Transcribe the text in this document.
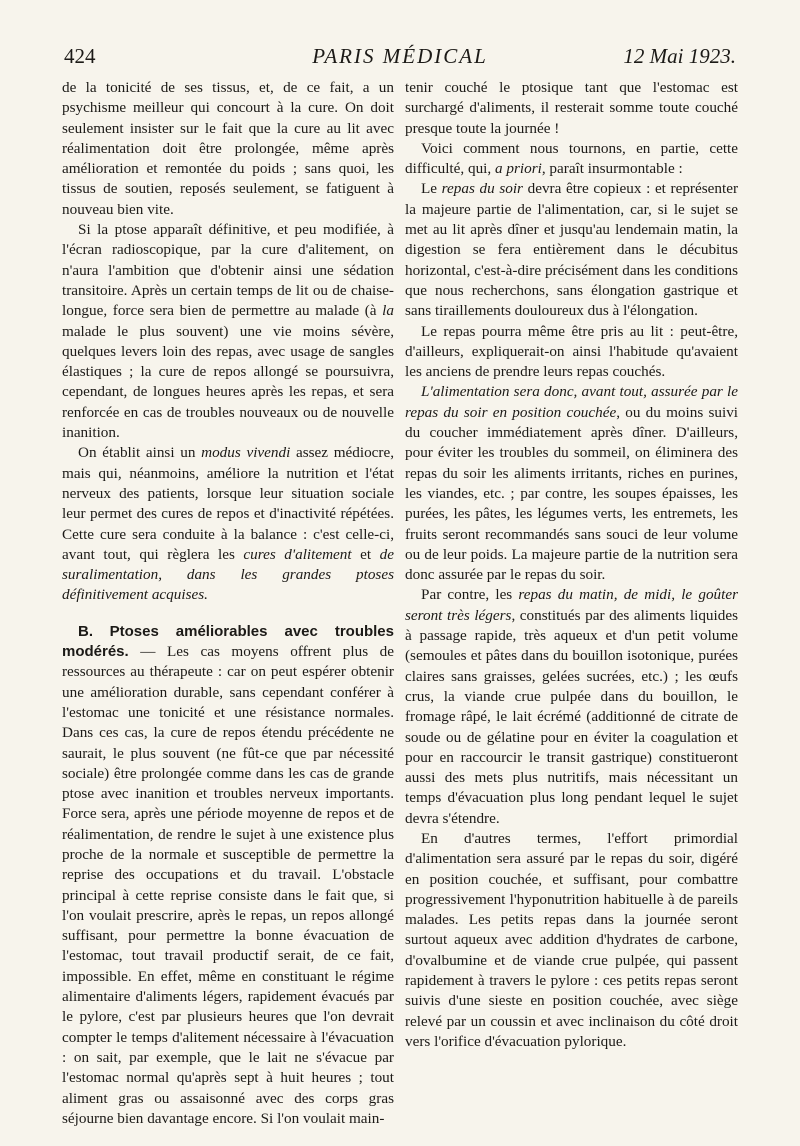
424	PARIS MÉDICAL	12 Mai 1923.

de la tonicité de ses tissus, et, de ce fait, a un psychisme meilleur qui concourt à la cure. On doit seulement insister sur le fait que la cure au lit avec réalimentation doit être prolongée, même après amélioration et remontée du poids ; sans quoi, les tissus de soutien, reposés seulement, se fatiguent à nouveau bien vite.

Si la ptose apparaît définitive, et peu modifiée, à l'écran radioscopique, par la cure d'alitement, on n'aura l'ambition que d'obtenir ainsi une sédation transitoire. Après un certain temps de lit ou de chaise-longue, force sera bien de permettre au malade (à la malade le plus souvent) une vie moins sévère, quelques levers loin des repas, avec usage de sangles élastiques ; la cure de repos allongé se poursuivra, cependant, de longues heures après les repas, et sera renforcée en cas de troubles nouveaux ou de nouvelle inanition.

On établit ainsi un modus vivendi assez médiocre, mais qui, néanmoins, améliore la nutrition et l'état nerveux des patients, lorsque leur situation sociale leur permet des cures de repos et d'inactivité répétées. Cette cure sera conduite à la balance : c'est celle-ci, avant tout, qui règlera les cures d'alitement et de suralimentation, dans les grandes ptoses définitivement acquises.

B. Ptoses améliorables avec troubles modérés. — Les cas moyens offrent plus de ressources au thérapeute : car on peut espérer obtenir une amélioration durable, sans cependant conférer à l'estomac une tonicité et une résistance normales. Dans ces cas, la cure de repos étendu précédente ne saurait, le plus souvent (ne fût-ce que par nécessité sociale) être prolongée comme dans les cas de grande ptose avec inanition et troubles nerveux importants. Force sera, après une période moyenne de repos et de réalimentation, de rendre le sujet à une existence plus proche de la normale et susceptible de permettre la reprise des occupations et du travail. L'obstacle principal à cette reprise consiste dans le fait que, si l'on voulait prescrire, après le repas, un repos allongé suffisant, pour permettre la bonne évacuation de l'estomac, tout travail productif serait, de ce fait, impossible. En effet, même en constituant le régime alimentaire d'aliments légers, rapidement évacués par le pylore, c'est par plusieurs heures que l'on devrait compter le temps d'alitement nécessaire à l'évacuation : on sait, par exemple, que le lait ne s'évacue par l'estomac normal qu'après sept à huit heures ; tout aliment gras ou assaisonné avec des corps gras séjourne bien davantage encore. Si l'on voulait main-

tenir couché le ptosique tant que l'estomac est surchargé d'aliments, il resterait somme toute couché presque toute la journée !

Voici comment nous tournons, en partie, cette difficulté, qui, a priori, paraît insurmontable :

Le repas du soir devra être copieux : et représenter la majeure partie de l'alimentation, car, si le sujet se met au lit après dîner et jusqu'au lendemain matin, la digestion se fera entièrement dans le décubitus horizontal, c'est-à-dire précisément dans les conditions que nous recherchons, sans élongation gastrique et sans tiraillements douloureux dus à l'élongation.

Le repas pourra même être pris au lit : peut-être, d'ailleurs, expliquerait-on ainsi l'habitude qu'avaient les anciens de prendre leurs repas couchés.

L'alimentation sera donc, avant tout, assurée par le repas du soir en position couchée, ou du moins suivi du coucher immédiatement après dîner. D'ailleurs, pour éviter les troubles du sommeil, on éliminera des repas du soir les aliments irritants, riches en purines, les viandes, etc. ; par contre, les soupes épaisses, les purées, les pâtes, les légumes verts, les entremets, les fruits seront recommandés sans souci de leur volume ou de leur poids. La majeure partie de la nutrition sera donc assurée par le repas du soir.

Par contre, les repas du matin, de midi, le goûter seront très légers, constitués par des aliments liquides à passage rapide, très aqueux et d'un petit volume (semoules et pâtes dans du bouillon isotonique, purées claires sans graisses, gelées sucrées, etc.) ; les œufs crus, la viande crue pulpée dans du bouillon, le fromage râpé, le lait écrémé (additionné de citrate de soude ou de gélatine pour en éviter la coagulation et pour en raccourcir le transit gastrique) constitueront aussi des mets plus nutritifs, mais nécessitant un temps d'évacuation plus long pendant lequel le sujet devra s'étendre.

En d'autres termes, l'effort primordial d'alimentation sera assuré par le repas du soir, digéré en position couchée, et suffisant, pour combattre progressivement l'hyponutrition habituelle à de pareils malades. Les petits repas dans la journée seront surtout aqueux avec addition d'hydrates de carbone, d'ovalbumine et de viande crue pulpée, qui passent rapidement à travers le pylore : ces petits repas seront suivis d'une sieste en position couchée, avec siège relevé par un coussin et avec inclinaison du côté droit vers l'orifice d'évacuation pylorique.
